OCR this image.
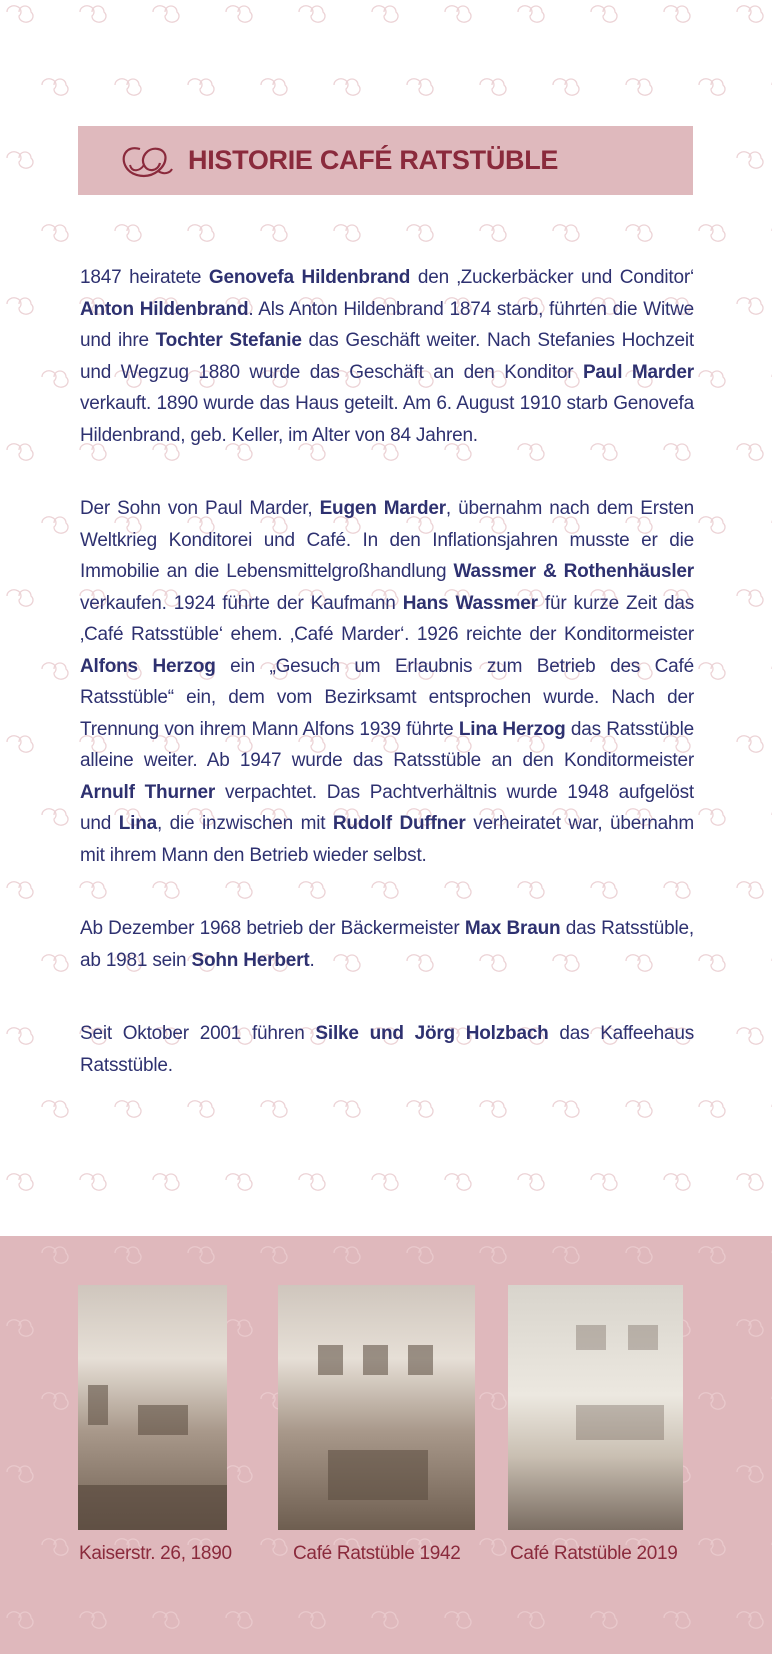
HISTORIE CAFÉ RATSTÜBLE

1847 heiratete Genovefa Hildenbrand den ‚Zuckerbäcker und Conditor‘ Anton Hildenbrand. Als Anton Hildenbrand 1874 starb, führten die Witwe und ihre Tochter Stefanie das Geschäft weiter. Nach Stefanies Hochzeit und Wegzug 1880 wurde das Geschäft an den Konditor Paul Marder verkauft. 1890 wurde das Haus geteilt. Am 6. August 1910 starb Genovefa Hildenbrand, geb. Keller, im Alter von 84 Jahren.

Der Sohn von Paul Marder, Eugen Marder, übernahm nach dem Ersten Weltkrieg Konditorei und Café. In den Inflationsjahren musste er die Immobilie an die Lebensmittelgroßhandlung Wassmer & Rothenhäusler verkaufen. 1924 führte der Kaufmann Hans Wassmer für kurze Zeit das ‚Café Ratsstüble‘ ehem. ‚Café Marder‘. 1926 reichte der Konditormeister Alfons Herzog ein „Gesuch um Erlaubnis zum Betrieb des Café Ratsstüble“ ein, dem vom Bezirksamt entsprochen wurde. Nach der Trennung von ihrem Mann Alfons 1939 führte Lina Herzog das Ratsstüble alleine weiter. Ab 1947 wurde das Ratsstüble an den Konditormeister Arnulf Thurner verpachtet. Das Pachtverhältnis wurde 1948 aufgelöst und Lina, die inzwischen mit Rudolf Duffner verheiratet war, übernahm mit ihrem Mann den Betrieb wieder selbst.

Ab Dezember 1968 betrieb der Bäckermeister Max Braun das Ratsstüble, ab 1981 sein Sohn Herbert.

Seit Oktober 2001 führen Silke und Jörg Holzbach das Kaffeehaus Ratsstüble.

Kaiserstr. 26, 1890	Café Ratstüble 1942	Café Ratstüble 2019
